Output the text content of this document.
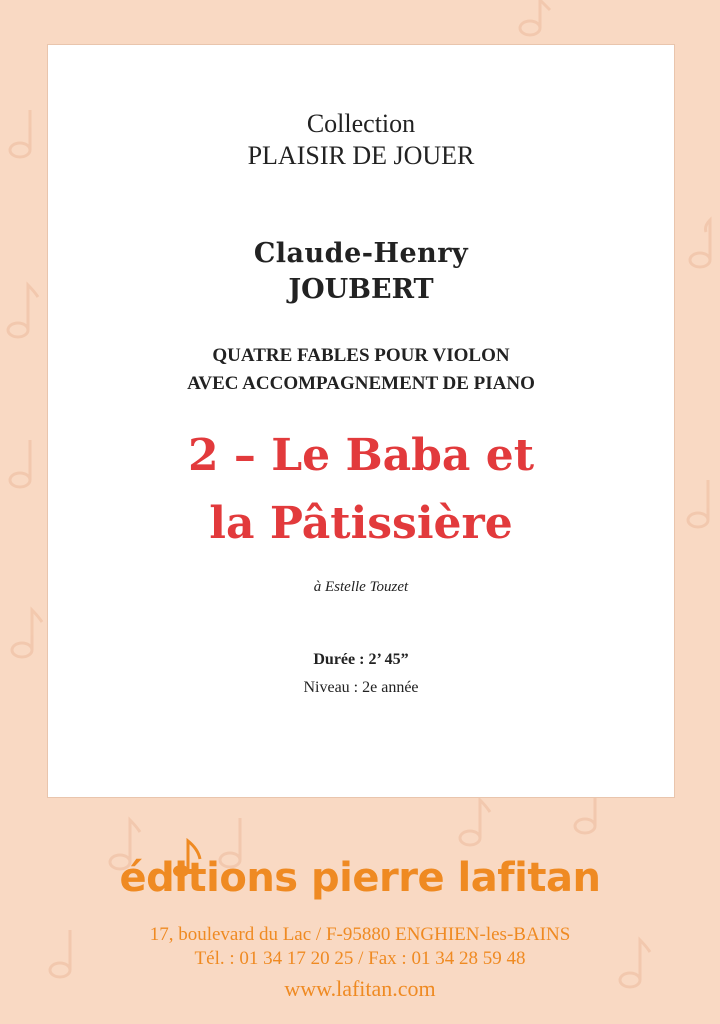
Collection
PLAISIR DE JOUER
Claude-Henry
JOUBERT
QUATRE FABLES POUR VIOLON
AVEC ACCOMPAGNEMENT DE PIANO
2 – Le Baba et
la Pâtissière
à Estelle Touzet
Durée : 2’ 45”
Niveau : 2e année
éditions pierre lafitan
17, boulevard du Lac / F-95880 ENGHIEN-les-BAINS
Tél. : 01 34 17 20 25 / Fax : 01 34 28 59 48
www.lafitan.com
